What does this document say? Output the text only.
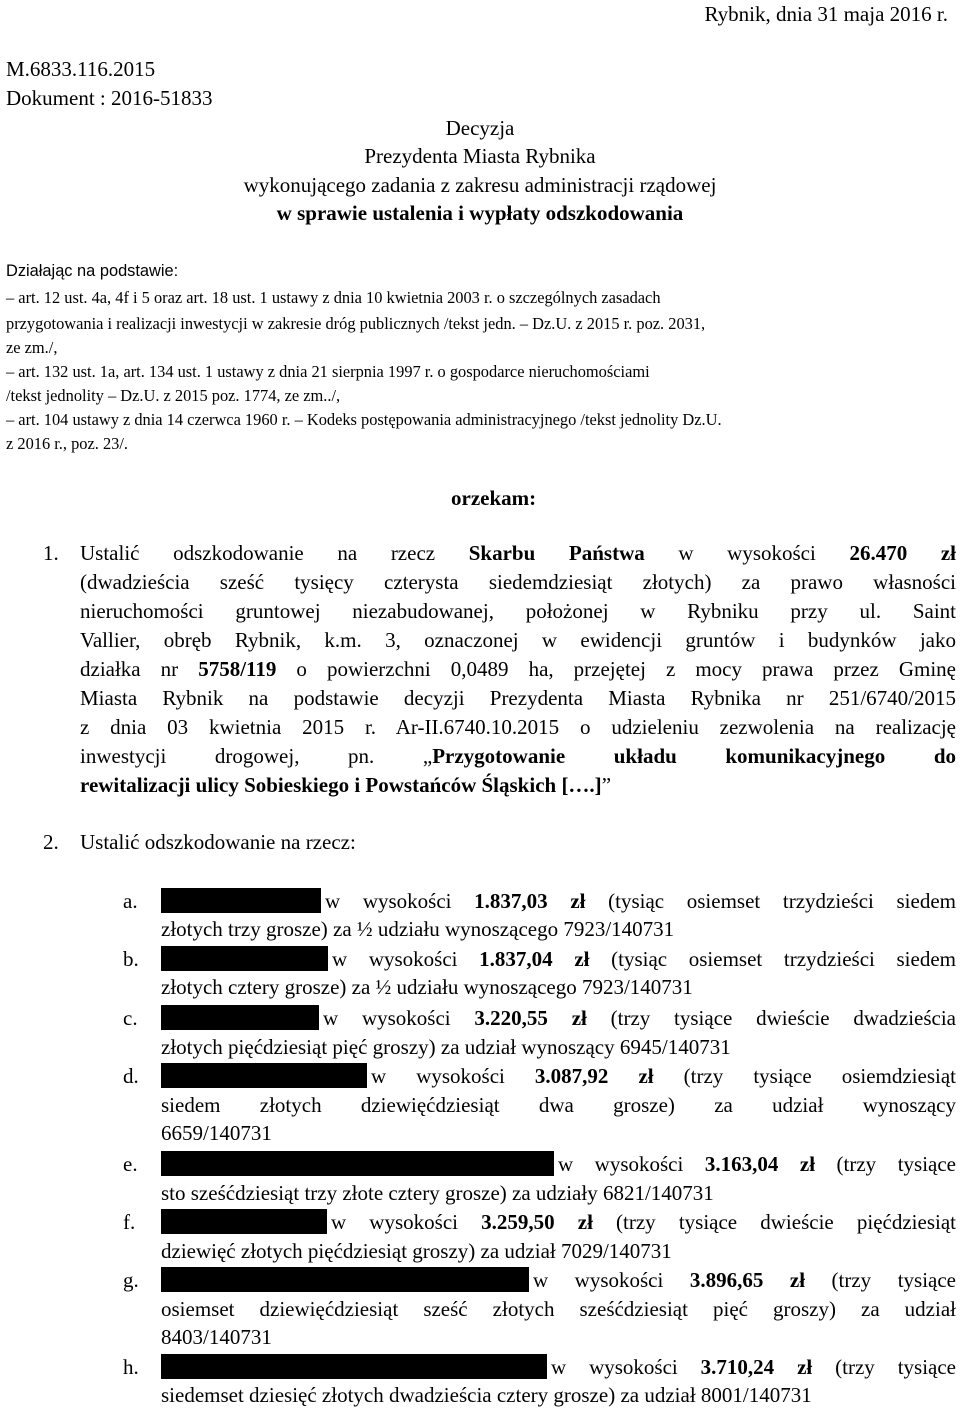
Rybnik, dnia 31 maja 2016 r.
M.6833.116.2015
Dokument : 2016-51833
Decyzja
Prezydenta Miasta Rybnika
wykonującego zadania z zakresu administracji rządowej
w sprawie ustalenia i wypłaty odszkodowania
Działając na podstawie:
– art. 12 ust. 4a, 4f i 5 oraz art. 18 ust. 1 ustawy z dnia 10 kwietnia 2003 r. o szczególnych zasadach
przygotowania i realizacji inwestycji w zakresie dróg publicznych /tekst jedn. – Dz.U. z 2015 r. poz. 2031,
ze zm./,
– art. 132 ust. 1a, art. 134 ust. 1 ustawy z dnia 21 sierpnia 1997 r. o gospodarce nieruchomościami
/tekst jednolity – Dz.U. z 2015 poz. 1774, ze zm../,
– art. 104 ustawy z dnia 14 czerwca 1960 r. – Kodeks postępowania administracyjnego /tekst jednolity Dz.U.
z 2016 r., poz. 23/.
orzekam:
1. Ustalić odszkodowanie na rzecz Skarbu Państwa w wysokości 26.470 zł
(dwadzieścia sześć tysięcy czterysta siedemdziesiąt złotych) za prawo własności
nieruchomości gruntowej niezabudowanej, położonej w Rybniku przy ul. Saint
Vallier, obręb Rybnik, k.m. 3, oznaczonej w ewidencji gruntów i budynków jako
działka nr 5758/119 o powierzchni 0,0489 ha, przejętej z mocy prawa przez Gminę
Miasta Rybnik na podstawie decyzji Prezydenta Miasta Rybnika nr 251/6740/2015
z dnia 03 kwietnia 2015 r. Ar-II.6740.10.2015 o udzieleniu zezwolenia na realizację
inwestycji drogowej, pn. „Przygotowanie układu komunikacyjnego do
rewitalizacji ulicy Sobieskiego i Powstańców Śląskich [….]”
2. Ustalić odszkodowanie na rzecz:
a.	w wysokości 1.837,03 zł (tysiąc osiemset trzydzieści siedem
złotych trzy grosze) za ½ udziału wynoszącego 7923/140731
b.	w wysokości 1.837,04 zł (tysiąc osiemset trzydzieści siedem
złotych cztery grosze) za ½ udziału wynoszącego 7923/140731
c.	w wysokości 3.220,55 zł (trzy tysiące dwieście dwadzieścia
złotych pięćdziesiąt pięć groszy) za udział wynoszący 6945/140731
d.	w wysokości 3.087,92 zł (trzy tysiące osiemdziesiąt
siedem złotych dziewięćdziesiąt dwa grosze) za udział wynoszący
6659/140731
e.	w wysokości 3.163,04 zł (trzy tysiące
sto sześćdziesiąt trzy złote cztery grosze) za udziały 6821/140731
f.	w wysokości 3.259,50 zł (trzy tysiące dwieście pięćdziesiąt
dziewięć złotych pięćdziesiąt groszy) za udział 7029/140731
g.	w wysokości 3.896,65 zł (trzy tysiące
osiemset dziewięćdziesiąt sześć złotych sześćdziesiąt pięć groszy) za udział
8403/140731
h.	w wysokości 3.710,24 zł (trzy tysiące
siedemset dziesięć złotych dwadzieścia cztery grosze) za udział 8001/140731
